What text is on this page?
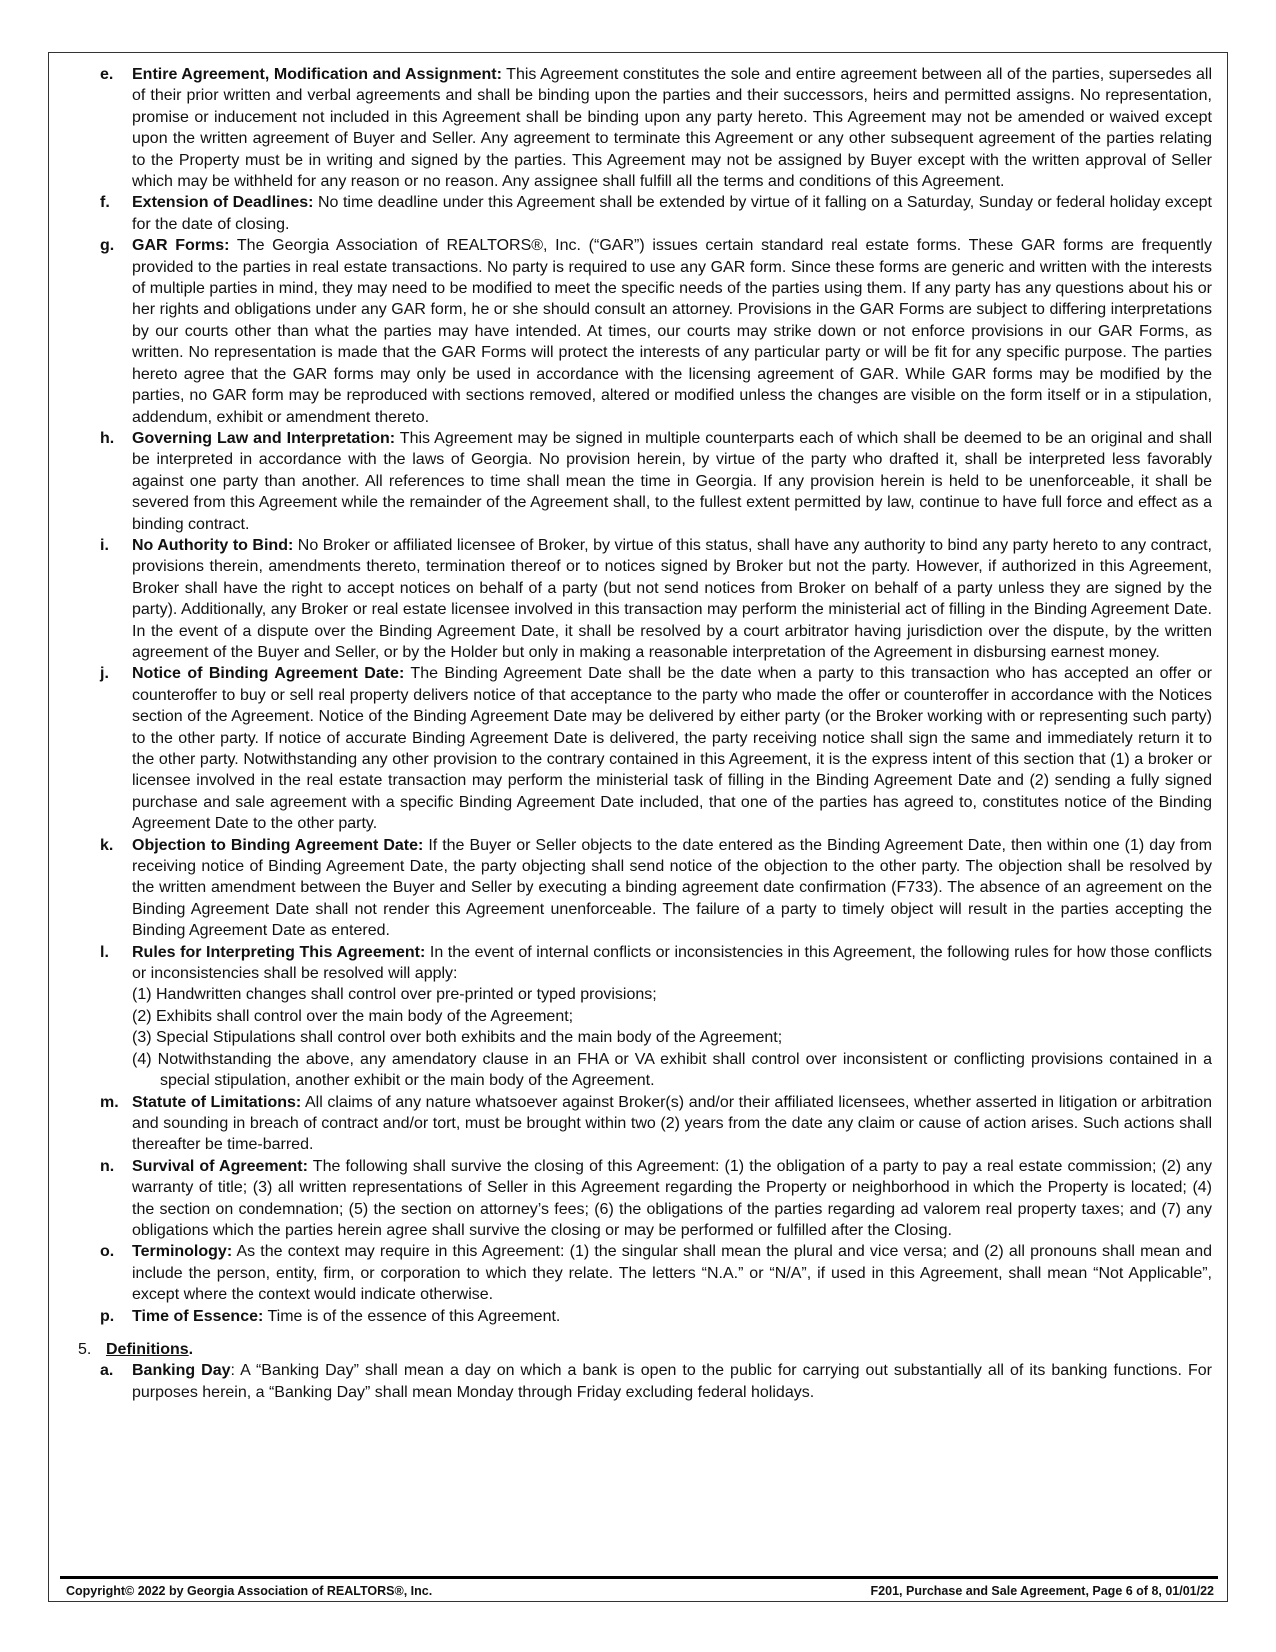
e. Entire Agreement, Modification and Assignment: This Agreement constitutes the sole and entire agreement between all of the parties, supersedes all of their prior written and verbal agreements and shall be binding upon the parties and their successors, heirs and permitted assigns. No representation, promise or inducement not included in this Agreement shall be binding upon any party hereto. This Agreement may not be amended or waived except upon the written agreement of Buyer and Seller. Any agreement to terminate this Agreement or any other subsequent agreement of the parties relating to the Property must be in writing and signed by the parties. This Agreement may not be assigned by Buyer except with the written approval of Seller which may be withheld for any reason or no reason. Any assignee shall fulfill all the terms and conditions of this Agreement.
f. Extension of Deadlines: No time deadline under this Agreement shall be extended by virtue of it falling on a Saturday, Sunday or federal holiday except for the date of closing.
g. GAR Forms: The Georgia Association of REALTORS®, Inc. (“GAR”) issues certain standard real estate forms. These GAR forms are frequently provided to the parties in real estate transactions. No party is required to use any GAR form. Since these forms are generic and written with the interests of multiple parties in mind, they may need to be modified to meet the specific needs of the parties using them. If any party has any questions about his or her rights and obligations under any GAR form, he or she should consult an attorney. Provisions in the GAR Forms are subject to differing interpretations by our courts other than what the parties may have intended. At times, our courts may strike down or not enforce provisions in our GAR Forms, as written. No representation is made that the GAR Forms will protect the interests of any particular party or will be fit for any specific purpose. The parties hereto agree that the GAR forms may only be used in accordance with the licensing agreement of GAR. While GAR forms may be modified by the parties, no GAR form may be reproduced with sections removed, altered or modified unless the changes are visible on the form itself or in a stipulation, addendum, exhibit or amendment thereto.
h. Governing Law and Interpretation: This Agreement may be signed in multiple counterparts each of which shall be deemed to be an original and shall be interpreted in accordance with the laws of Georgia. No provision herein, by virtue of the party who drafted it, shall be interpreted less favorably against one party than another. All references to time shall mean the time in Georgia. If any provision herein is held to be unenforceable, it shall be severed from this Agreement while the remainder of the Agreement shall, to the fullest extent permitted by law, continue to have full force and effect as a binding contract.
i. No Authority to Bind: No Broker or affiliated licensee of Broker, by virtue of this status, shall have any authority to bind any party hereto to any contract, provisions therein, amendments thereto, termination thereof or to notices signed by Broker but not the party. However, if authorized in this Agreement, Broker shall have the right to accept notices on behalf of a party (but not send notices from Broker on behalf of a party unless they are signed by the party). Additionally, any Broker or real estate licensee involved in this transaction may perform the ministerial act of filling in the Binding Agreement Date. In the event of a dispute over the Binding Agreement Date, it shall be resolved by a court arbitrator having jurisdiction over the dispute, by the written agreement of the Buyer and Seller, or by the Holder but only in making a reasonable interpretation of the Agreement in disbursing earnest money.
j. Notice of Binding Agreement Date: The Binding Agreement Date shall be the date when a party to this transaction who has accepted an offer or counteroffer to buy or sell real property delivers notice of that acceptance to the party who made the offer or counteroffer in accordance with the Notices section of the Agreement. Notice of the Binding Agreement Date may be delivered by either party (or the Broker working with or representing such party) to the other party. If notice of accurate Binding Agreement Date is delivered, the party receiving notice shall sign the same and immediately return it to the other party. Notwithstanding any other provision to the contrary contained in this Agreement, it is the express intent of this section that (1) a broker or licensee involved in the real estate transaction may perform the ministerial task of filling in the Binding Agreement Date and (2) sending a fully signed purchase and sale agreement with a specific Binding Agreement Date included, that one of the parties has agreed to, constitutes notice of the Binding Agreement Date to the other party.
k. Objection to Binding Agreement Date: If the Buyer or Seller objects to the date entered as the Binding Agreement Date, then within one (1) day from receiving notice of Binding Agreement Date, the party objecting shall send notice of the objection to the other party. The objection shall be resolved by the written amendment between the Buyer and Seller by executing a binding agreement date confirmation (F733). The absence of an agreement on the Binding Agreement Date shall not render this Agreement unenforceable. The failure of a party to timely object will result in the parties accepting the Binding Agreement Date as entered.
l. Rules for Interpreting This Agreement: In the event of internal conflicts or inconsistencies in this Agreement, the following rules for how those conflicts or inconsistencies shall be resolved will apply:
(1) Handwritten changes shall control over pre-printed or typed provisions;
(2) Exhibits shall control over the main body of the Agreement;
(3) Special Stipulations shall control over both exhibits and the main body of the Agreement;
(4) Notwithstanding the above, any amendatory clause in an FHA or VA exhibit shall control over inconsistent or conflicting provisions contained in a special stipulation, another exhibit or the main body of the Agreement.
m. Statute of Limitations: All claims of any nature whatsoever against Broker(s) and/or their affiliated licensees, whether asserted in litigation or arbitration and sounding in breach of contract and/or tort, must be brought within two (2) years from the date any claim or cause of action arises. Such actions shall thereafter be time-barred.
n. Survival of Agreement: The following shall survive the closing of this Agreement: (1) the obligation of a party to pay a real estate commission; (2) any warranty of title; (3) all written representations of Seller in this Agreement regarding the Property or neighborhood in which the Property is located; (4) the section on condemnation; (5) the section on attorney’s fees; (6) the obligations of the parties regarding ad valorem real property taxes; and (7) any obligations which the parties herein agree shall survive the closing or may be performed or fulfilled after the Closing.
o. Terminology: As the context may require in this Agreement: (1) the singular shall mean the plural and vice versa; and (2) all pronouns shall mean and include the person, entity, firm, or corporation to which they relate. The letters “N.A.” or “N/A”, if used in this Agreement, shall mean “Not Applicable”, except where the context would indicate otherwise.
p. Time of Essence: Time is of the essence of this Agreement.
5. Definitions.
a. Banking Day: A “Banking Day” shall mean a day on which a bank is open to the public for carrying out substantially all of its banking functions. For purposes herein, a “Banking Day” shall mean Monday through Friday excluding federal holidays.
Copyright© 2022 by Georgia Association of REALTORS®, Inc.	F201, Purchase and Sale Agreement, Page 6 of 8, 01/01/22
